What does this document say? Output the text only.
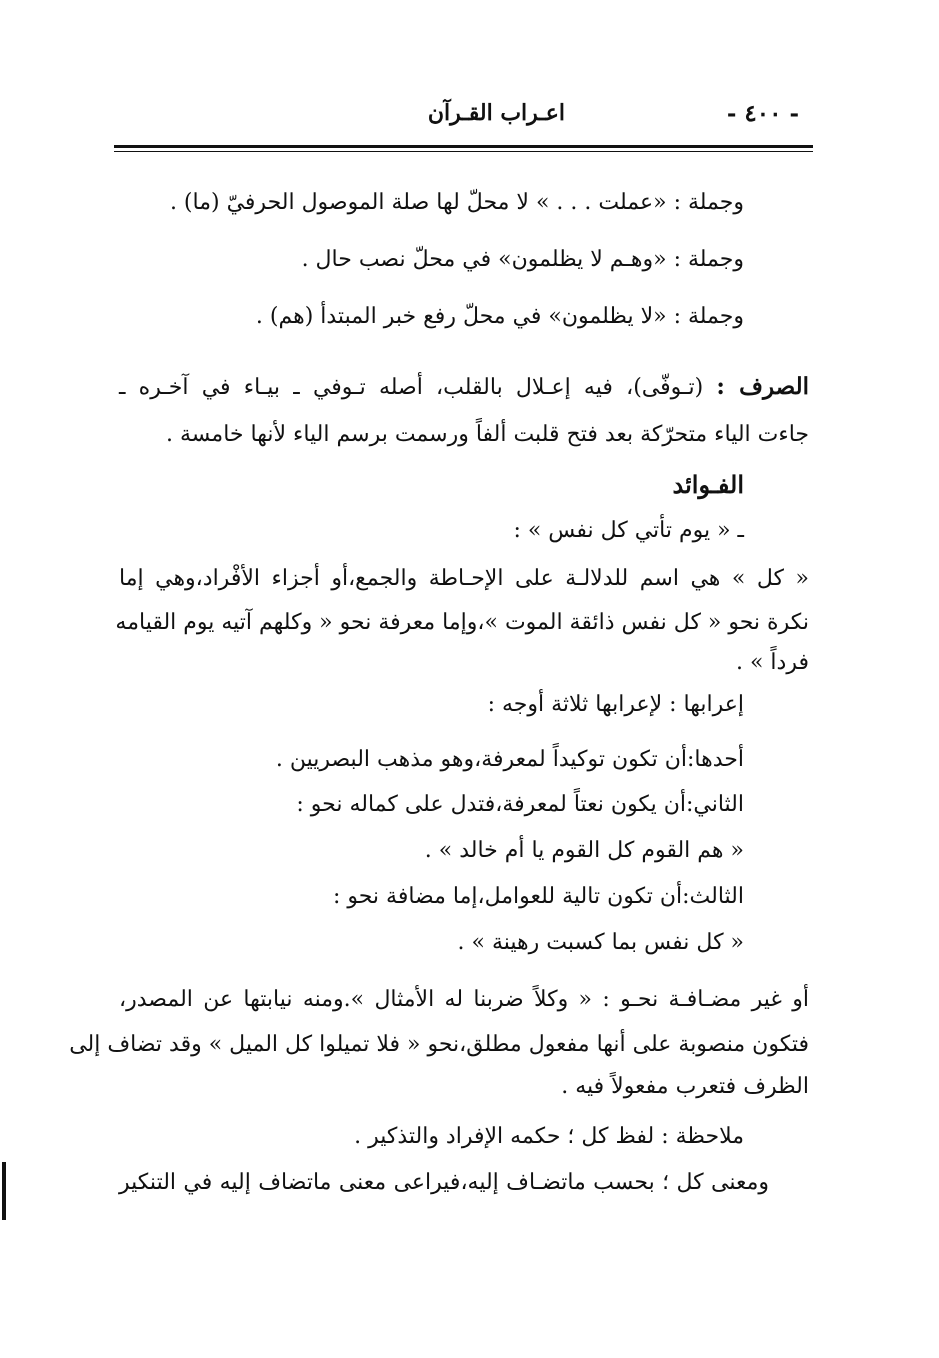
- ٤٠٠ -
اعـراب القـرآن
وجملة : «عملت . . . » لا محلّ لها صلة الموصول الحرفيّ (ما) .
وجملة : «وهـم لا يظلمون» في محلّ نصب حال .
وجملة : «لا يظلمون» في محلّ رفع خبر المبتدأ (هم) .
الصرف : (تـوفّى)، فيه إعـلال بالقلب، أصله تـوفي ـ بيـاء في آخـره ـ
جاءت الياء متحرّكة بعد فتح قلبت ألفاً ورسمت برسم الياء لأنها خامسة .
الفـوائد
ـ « يوم تأتي كل نفس » :
« كل » هي اسم للدلالـة على الإحـاطة والجمع،أو أجزاء الأفْراد،وهي إما
نكرة نحو « كل نفس ذائقة الموت »،وإما معرفة نحو « وكلهم آتيه يوم القيامه
فرداً » .
إعرابها : لإعرابها ثلاثة أوجه :
أحدها:أن تكون توكيداً لمعرفة،وهو مذهب البصريين .
الثاني:أن يكون نعتاً لمعرفة،فتدل على كماله نحو :
« هم القوم كل القوم يا أم خالد » .
الثالث:أن تكون تالية للعوامل،إما مضافة نحو :
« كل نفس بما كسبت رهينة » .
أو غير مضـافـة نحـو : « وكلاً ضربنا له الأمثال ».ومنه نيابتها عن المصدر،
فتكون منصوبة على أنها مفعول مطلق،نحو « فلا تميلوا كل الميل » وقد تضاف إلى
الظرف فتعرب مفعولاً فيه .
ملاحظة : لفظ كل ؛ حكمه الإفراد والتذكير .
ومعنى كل ؛ بحسب ماتضـاف إليه،فيراعى معنى ماتضاف إليه في التنكير
